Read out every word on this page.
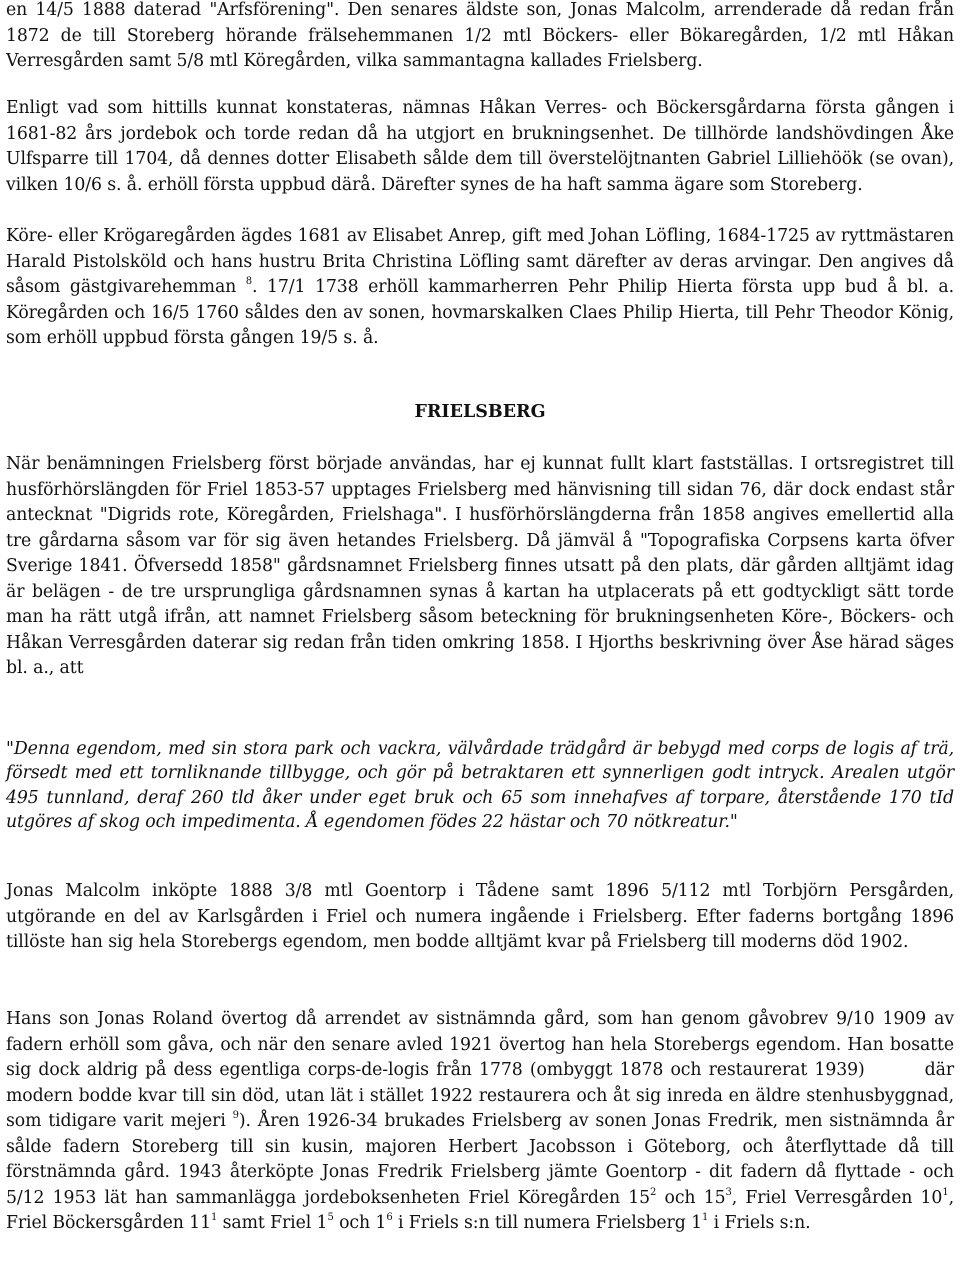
en 14/5 1888 daterad "Arfsförening". Den senares äldste son, Jonas Malcolm, arrenderade då redan från 1872 de till Storeberg hörande frälsehemmanen 1/2 mtl Böckers- eller Bökaregården, 1/2 mtl Håkan Verresgården samt 5/8 mtl Köregården, vilka sammantagna kallades Frielsberg.
Enligt vad som hittills kunnat konstateras, nämnas Håkan Verres- och Böckersgårdarna första gången i 1681-82 års jordebok och torde redan då ha utgjort en brukningsenhet. De tillhörde landshövdingen Åke Ulfsparre till 1704, då dennes dotter Elisabeth sålde dem till överstelöjtnanten Gabriel Lilliehöök (se ovan), vilken 10/6 s. å. erhöll första uppbud därå. Därefter synes de ha haft samma ägare som Storeberg.
Köre- eller Krögaregården ägdes 1681 av Elisabet Anrep, gift med Johan Löfling, 1684-1725 av ryttmästaren Harald Pistolsköld och hans hustru Brita Christina Löfling samt därefter av deras arvingar. Den angives då såsom gästgivarehemman $^8$. 17/1 1738 erhöll kammarherren Pehr Philip Hierta första upp bud å bl. a. Köregården och 16/5 1760 såldes den av sonen, hovmarskalken Claes Philip Hierta, till Pehr Theodor König, som erhöll uppbud första gången 19/5 s. å.
FRIELSBERG
När benämningen Frielsberg först började användas, har ej kunnat fullt klart fastställas. I ortsregistret till husförhörslängden för Friel 1853-57 upptages Frielsberg med hänvisning till sidan 76, där dock endast står antecknat "Digrids rote, Köregården, Frielshaga". I husförhörslängderna från 1858 angives emellertid alla tre gårdarna såsom var för sig även hetandes Frielsberg. Då jämväl å "Topografiska Corpsens karta öfver Sverige 1841. Öfversedd 1858" gårdsnamnet Frielsberg finnes utsatt på den plats, där gården alltjämt idag är belägen - de tre ursprungliga gårdsnamnen synas å kartan ha utplacerats på ett godtyckligt sätt torde man ha rätt utgå ifrån, att namnet Frielsberg såsom beteckning för brukningsenheten Köre-, Böckers- och Håkan Verresgården daterar sig redan från tiden omkring 1858. I Hjorths beskrivning över Åse härad säges bl. a., att
"Denna egendom, med sin stora park och vackra, välvårdade trädgård är bebygd med corps de logis af trä, försedt med ett tornliknande tillbygge, och gör på betraktaren ett synnerligen godt intryck. Arealen utgör 495 tunnland, deraf 260 tld åker under eget bruk och 65 som innehafves af torpare, återstående 170 tId utgöres af skog och impedimenta. Å egendomen födes 22 hästar och 70 nötkreatur."
Jonas Malcolm inköpte 1888 3/8 mtl Goentorp i Tådene samt 1896 5/112 mtl Torbjörn Persgården, utgörande en del av Karlsgården i Friel och numera ingående i Frielsberg. Efter faderns bortgång 1896 tillöste han sig hela Storebergs egendom, men bodde alltjämt kvar på Frielsberg till moderns död 1902.
Hans son Jonas Roland övertog då arrendet av sistnämnda gård, som han genom gåvobrev 9/10 1909 av fadern erhöll som gåva, och när den senare avled 1921 övertog han hela Storebergs egendom. Han bosatte sig dock aldrig på dess egentliga corps-de-logis från 1778 (ombyggt 1878 och restaurerat 1939)	där modern bodde kvar till sin död, utan lät i stället 1922 restaurera och åt sig inreda en äldre stenhusbyggnad, som tidigare varit mejeri $^9$). Åren 1926-34 brukades Frielsberg av sonen Jonas Fredrik, men sistnämnda år sålde fadern Storeberg till sin kusin, majoren Herbert Jacobsson i Göteborg, och återflyttade då till förstnämnda gård. 1943 återköpte Jonas Fredrik Frielsberg jämte Goentorp - dit fadern då flyttade - och 5/12 1953 lät han sammanlägga jordeboksenheten Friel Köregården $15^2$ och $15^3$, Friel Verresgården $10^1$, Friel Böckersgården $11^1$ samt Friel $1^5$ och $1^6$ i Friels s:n till numera Frielsberg $1^1$ i Friels s:n.
